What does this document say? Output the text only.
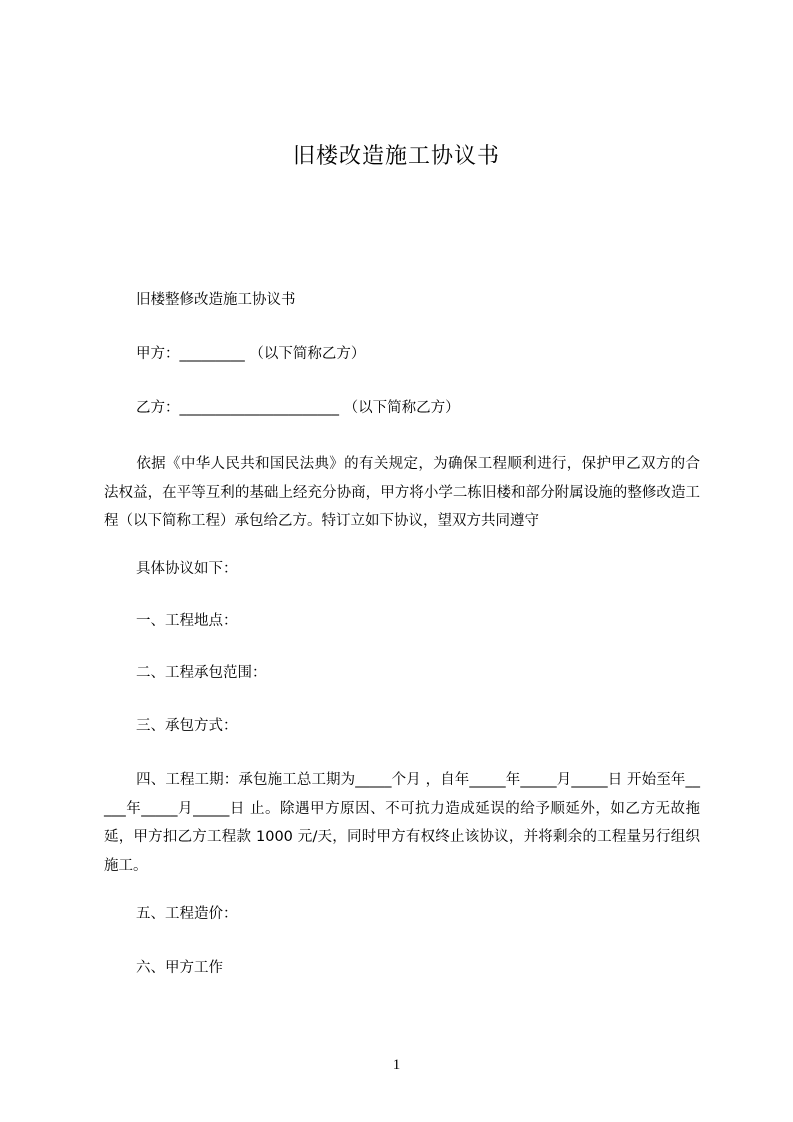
旧楼改造施工协议书
旧楼整修改造施工协议书
甲方：_________ （以下简称乙方）
乙方：______________________ （以下简称乙方）
依据《中华人民共和国民法典》的有关规定，为确保工程顺利进行，保护甲乙双方的合法权益，在平等互利的基础上经充分协商，甲方将小学二栋旧楼和部分附属设施的整修改造工程（以下简称工程）承包给乙方。特订立如下协议，望双方共同遵守
具体协议如下：
一、工程地点：
二、工程承包范围：
三、承包方式：
四、工程工期：承包施工总工期为_____个月 ，自年_____年_____月_____日 开始至年_____年_____月_____日 止。除遇甲方原因、不可抗力造成延误的给予顺延外，如乙方无故拖延，甲方扣乙方工程款 1000 元/天，同时甲方有权终止该协议，并将剩余的工程量另行组织施工。
五、工程造价：
六、甲方工作
1
